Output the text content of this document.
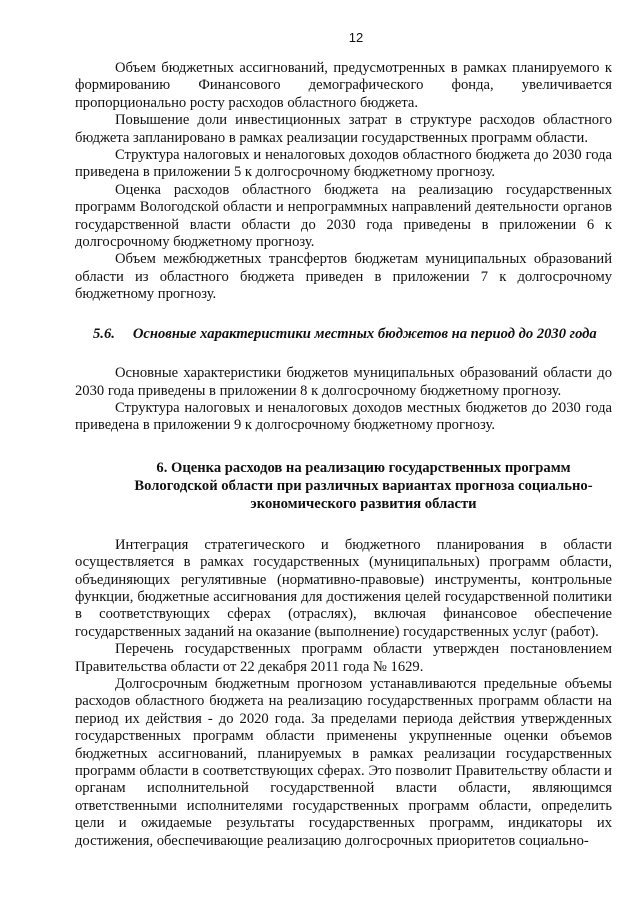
12

Объем бюджетных ассигнований, предусмотренных в рамках планируемого к формированию Финансового демографического фонда, увеличивается пропорционально росту расходов областного бюджета.

Повышение доли инвестиционных затрат в структуре расходов областного бюджета запланировано в рамках реализации государственных программ области.

Структура налоговых и неналоговых доходов областного бюджета до 2030 года приведена в приложении 5 к долгосрочному бюджетному прогнозу.

Оценка расходов областного бюджета на реализацию государственных программ Вологодской области и непрограммных направлений деятельности органов государственной власти области до 2030 года приведены в приложении 6 к долгосрочному бюджетному прогнозу.

Объем межбюджетных трансфертов бюджетам муниципальных образований области из областного бюджета приведен в приложении 7 к долгосрочному бюджетному прогнозу.

5.6. Основные характеристики местных бюджетов на период до 2030 года

Основные характеристики бюджетов муниципальных образований области до 2030 года приведены в приложении 8 к долгосрочному бюджетному прогнозу.

Структура налоговых и неналоговых доходов местных бюджетов до 2030 года приведена в приложении 9 к долгосрочному бюджетному прогнозу.

6. Оценка расходов на реализацию государственных программ
Вологодской области при различных вариантах прогноза социально-
экономического развития области

Интеграция стратегического и бюджетного планирования в области осуществляется в рамках государственных (муниципальных) программ области, объединяющих регулятивные (нормативно-правовые) инструменты, контрольные функции, бюджетные ассигнования для достижения целей государственной политики в соответствующих сферах (отраслях), включая финансовое обеспечение государственных заданий на оказание (выполнение) государственных услуг (работ).

Перечень государственных программ области утвержден постановлением Правительства области от 22 декабря 2011 года № 1629.

Долгосрочным бюджетным прогнозом устанавливаются предельные объемы расходов областного бюджета на реализацию государственных программ области на период их действия - до 2020 года. За пределами периода действия утвержденных государственных программ области применены укрупненные оценки объемов бюджетных ассигнований, планируемых в рамках реализации государственных программ области в соответствующих сферах. Это позволит Правительству области и органам исполнительной государственной власти области, являющимся ответственными исполнителями государственных программ области, определить цели и ожидаемые результаты государственных программ, индикаторы их достижения, обеспечивающие реализацию долгосрочных приоритетов социально-
